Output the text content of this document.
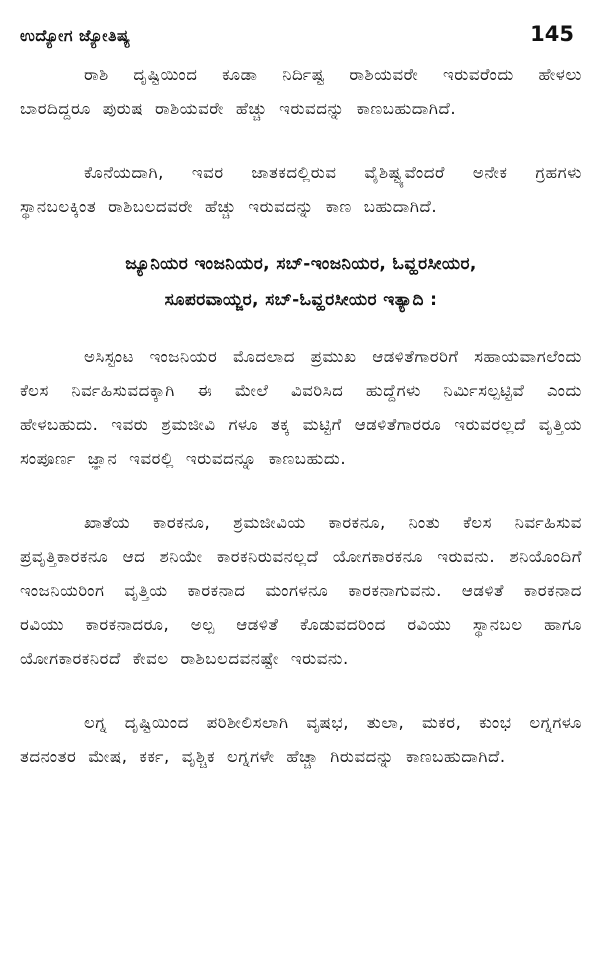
ಉದ್ಯೋಗ ಜ್ಯೋತಿಷ್ಯ	145

ರಾಶಿ ದೃಷ್ಟಿಯಿಂದ ಕೂಡಾ ನಿರ್ದಿಷ್ಟ ರಾಶಿಯವರೇ ಇರುವರೆಂದು ಹೇಳಲು ಬಾರದಿದ್ದರೂ ಪುರುಷ ರಾಶಿಯವರೇ ಹೆಚ್ಚು ಇರುವದನ್ನು ಕಾಣಬಹುದಾಗಿದೆ.

ಕೊನೆಯದಾಗಿ, ಇವರ ಜಾತಕದಲ್ಲಿರುವ ವೈಶಿಷ್ಟ್ಯವೆಂದರೆ ಅನೇಕ ಗ್ರಹಗಳು ಸ್ಥಾನಬಲಕ್ಕಿಂತ ರಾಶಿಬಲದವರೇ ಹೆಚ್ಚು ಇರುವದನ್ನು ಕಾಣ ಬಹುದಾಗಿದೆ.

ಜ್ಯೂನಿಯರ ಇಂಜನಿಯರ, ಸಬ್-ಇಂಜನಿಯರ, ಓವ್ಹರಸೀಯರ,

ಸೂಪರವಾಯ್ಜರ, ಸಬ್-ಓವ್ಹರಸೀಯರ ಇತ್ಯಾದಿ :

ಅಸಿಸ್ಟಂಟ ಇಂಜನಿಯರ ಮೊದಲಾದ ಪ್ರಮುಖ ಆಡಳಿತೆಗಾರರಿಗೆ ಸಹಾಯವಾಗಲೆಂದು ಕೆಲಸ ನಿರ್ವಹಿಸುವದಕ್ಕಾಗಿ ಈ ಮೇಲೆ ವಿವರಿಸಿದ ಹುದ್ದೆಗಳು ನಿರ್ಮಿಸಲ್ಪಟ್ಟಿವೆ ಎಂದು ಹೇಳಬಹುದು. ಇವರು ಶ್ರಮಜೀವಿ ಗಳೂ ತಕ್ಕ ಮಟ್ಟಿಗೆ ಆಡಳಿತೆಗಾರರೂ ಇರುವರಲ್ಲದೆ ವೃತ್ತಿಯ ಸಂಪೂರ್ಣ ಜ್ಞಾನ ಇವರಲ್ಲಿ ಇರುವದನ್ನೂ ಕಾಣಬಹುದು.

ಖಾತೆಯ ಕಾರಕನೂ, ಶ್ರಮಜೀವಿಯ ಕಾರಕನೂ, ನಿಂತು ಕೆಲಸ ನಿರ್ವಹಿಸುವ ಪ್ರವೃತ್ತಿಕಾರಕನೂ ಆದ ಶನಿಯೇ ಕಾರಕನಿರುವನಲ್ಲದೆ ಯೋಗಕಾರಕನೂ ಇರುವನು. ಶನಿಯೊಂದಿಗೆ ಇಂಜನಿಯರಿಂಗ ವೃತ್ತಿಯ ಕಾರಕನಾದ ಮಂಗಳನೂ ಕಾರಕನಾಗುವನು. ಆಡಳಿತೆ ಕಾರಕನಾದ ರವಿಯು ಕಾರಕನಾದರೂ, ಅಲ್ಪ ಆಡಳಿತೆ ಕೊಡುವದರಿಂದ ರವಿಯು ಸ್ಥಾನಬಲ ಹಾಗೂ ಯೋಗಕಾರಕನಿರದೆ ಕೇವಲ ರಾಶಿಬಲದವನಷ್ಟೇ ಇರುವನು.

ಲಗ್ನ ದೃಷ್ಟಿಯಿಂದ ಪರಿಶೀಲಿಸಲಾಗಿ ವೃಷಭ, ತುಲಾ, ಮಕರ, ಕುಂಭ ಲಗ್ನಗಳೂ ತದನಂತರ ಮೇಷ, ಕರ್ಕ, ವೃಶ್ಚಿಕ ಲಗ್ನಗಳೇ ಹೆಚ್ಚಾ ಗಿರುವದನ್ನು ಕಾಣಬಹುದಾಗಿದೆ.
